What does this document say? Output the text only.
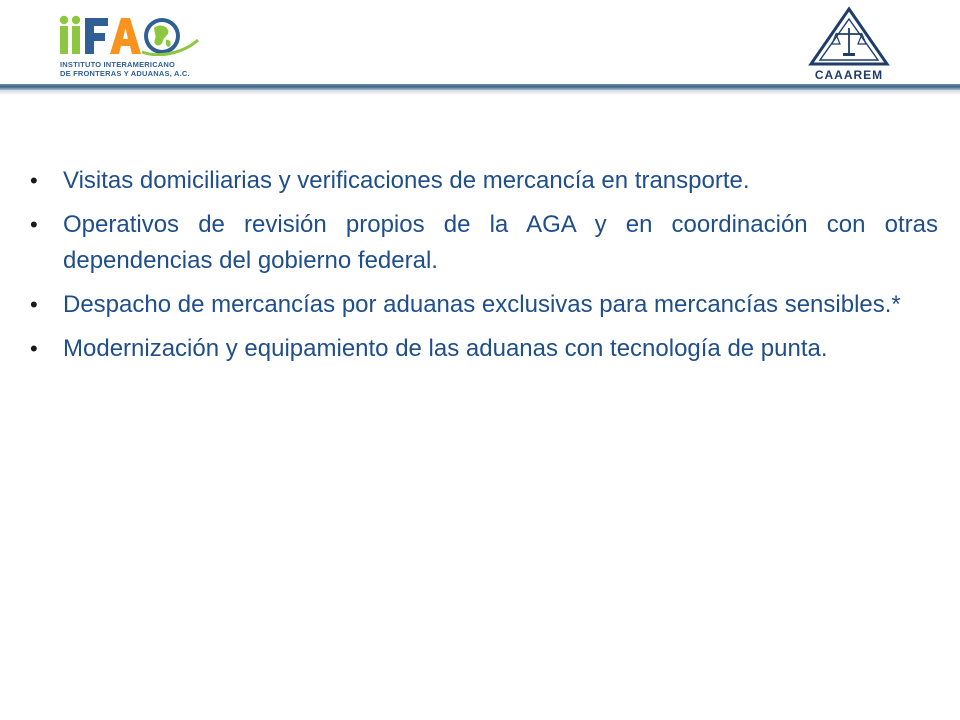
INSTITUTO INTERAMERICANO
DE FRONTERAS Y ADUANAS, A.C.	CAAAREM
• Visitas domiciliarias y verificaciones de mercancía en transporte.
• Operativos de revisión propios de la AGA y en coordinación con otras dependencias del gobierno federal.
• Despacho de mercancías por aduanas exclusivas para mercancías sensibles.*
• Modernización y equipamiento de las aduanas con tecnología de punta.
